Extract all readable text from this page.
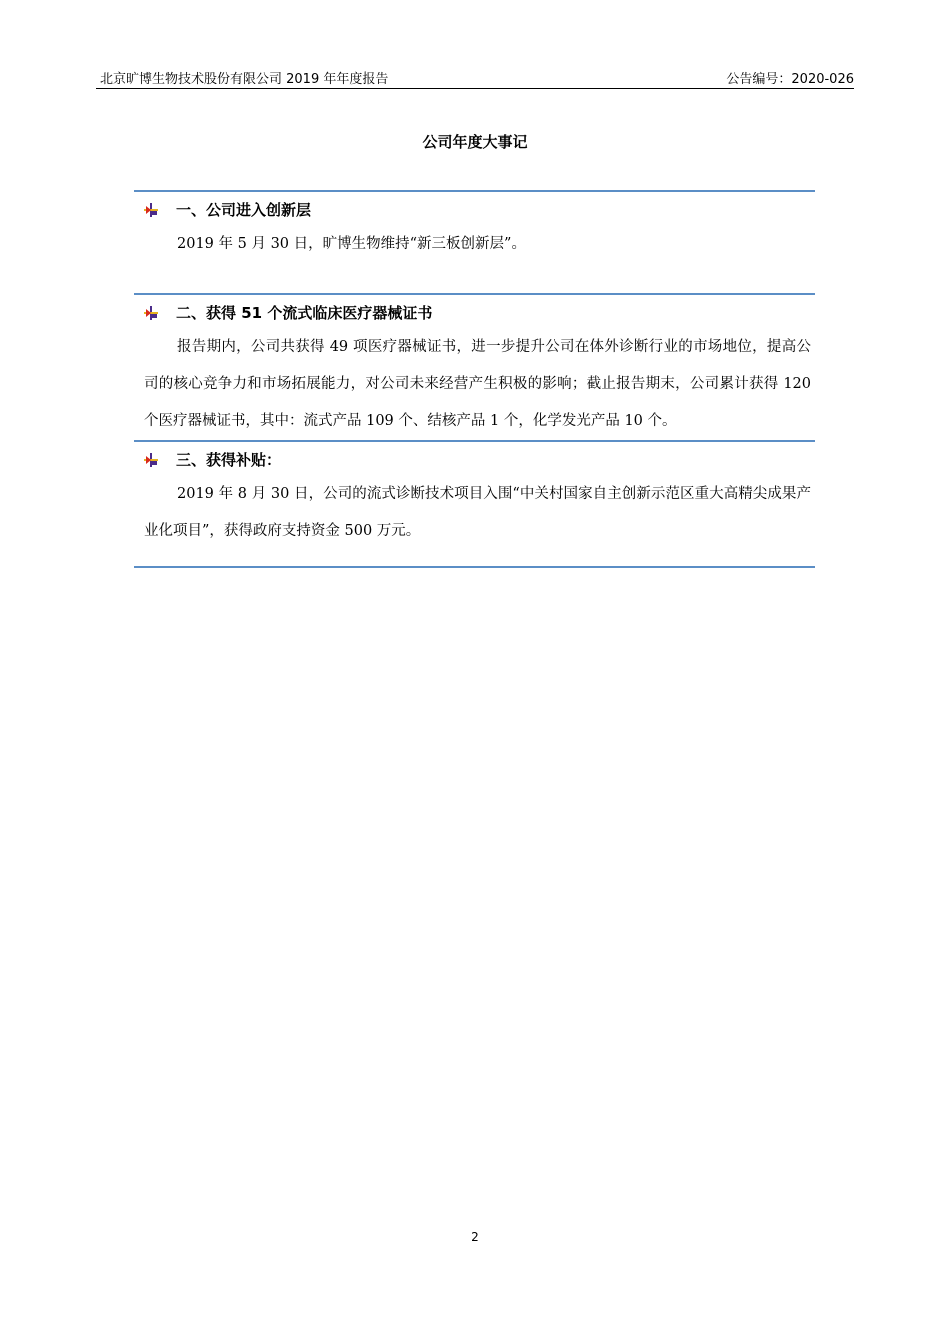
北京旷博生物技术股份有限公司 2019 年年度报告	公告编号：2020-026
公司年度大事记
一、公司进入创新层

2019 年 5 月 30 日，旷博生物维持“新三板创新层”。

二、获得 51 个流式临床医疗器械证书

报告期内，公司共获得 49 项医疗器械证书，进一步提升公司在体外诊断行业的市场地位，提高公司的核心竞争力和市场拓展能力，对公司未来经营产生积极的影响；截止报告期末，公司累计获得 120 个医疗器械证书，其中：流式产品 109 个、结核产品 1 个，化学发光产品 10 个。

三、获得补贴：

2019 年 8 月 30 日，公司的流式诊断技术项目入围“中关村国家自主创新示范区重大高精尖成果产业化项目”，获得政府支持资金 500 万元。

2
